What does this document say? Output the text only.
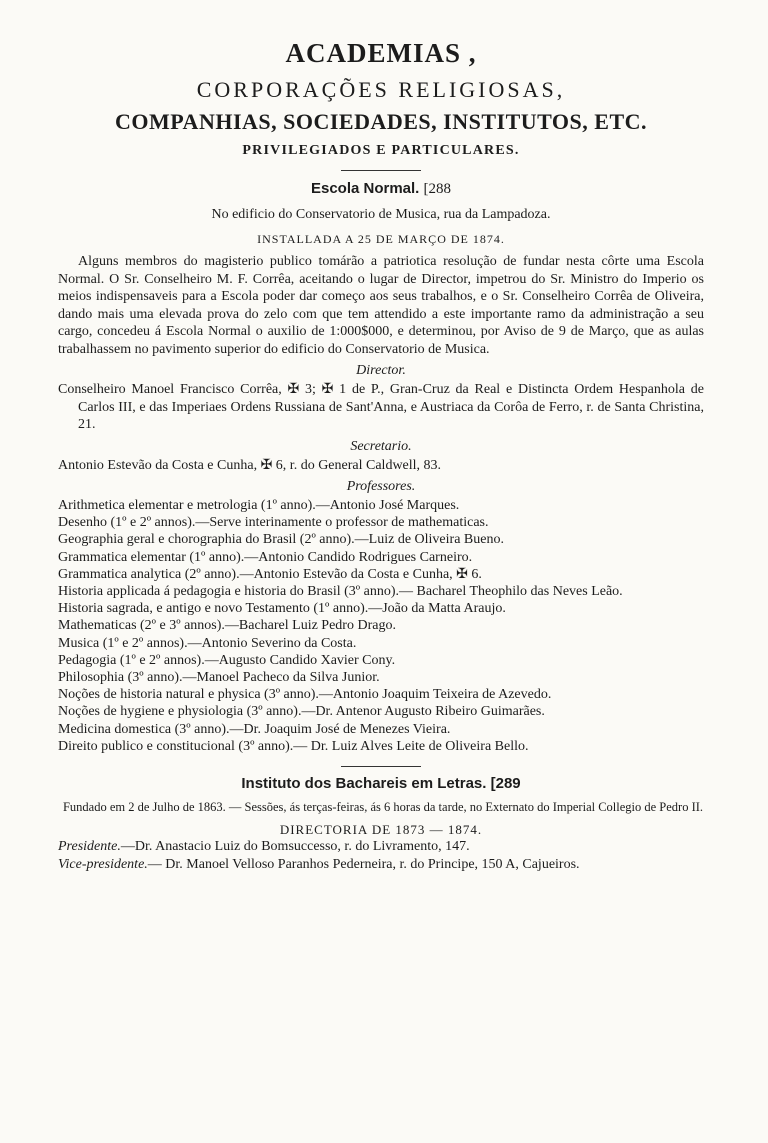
ACADEMIAS ,
CORPORAÇÕES RELIGIOSAS,
COMPANHIAS, SOCIEDADES, INSTITUTOS, ETC.
PRIVILEGIADOS E PARTICULARES.
Escola Normal. [288
No edificio do Conservatorio de Musica, rua da Lampadoza.
INSTALLADA A 25 DE MARÇO DE 1874.

Alguns membros do magisterio publico tomárão a patriotica resolução de fundar nesta côrte uma Escola Normal. O Sr. Conselheiro M. F. Corrêa, aceitando o lugar de Director, impetrou do Sr. Ministro do Imperio os meios indispensaveis para a Escola poder dar começo aos seus trabalhos, e o Sr. Conselheiro Corrêa de Oliveira, dando mais uma elevada prova do zelo com que tem attendido a este importante ramo da administração a seu cargo, concedeu á Escola Normal o auxilio de 1:000$000, e determinou, por Aviso de 9 de Março, que as aulas trabalhassem no pavimento superior do edificio do Conservatorio de Musica.

Director.
Conselheiro Manoel Francisco Corrêa, ✠ 3; ✠ 1 de P., Gran-Cruz da Real e Distincta Ordem Hespanhola de Carlos III, e das Imperiaes Ordens Russiana de Sant'Anna, e Austriaca da Corôa de Ferro, r. de Santa Christina, 21.
Secretario.
Antonio Estevão da Costa e Cunha, ✠ 6, r. do General Caldwell, 83.
Professores.
Arithmetica elementar e metrologia (1º anno).—Antonio José Marques.
Desenho (1º e 2º annos).—Serve interinamente o professor de mathematicas.
Geographia geral e chorographia do Brasil (2º anno).—Luiz de Oliveira Bueno.
Grammatica elementar (1º anno).—Antonio Candido Rodrigues Carneiro.
Grammatica analytica (2º anno).—Antonio Estevão da Costa e Cunha, ✠ 6.
Historia applicada á pedagogia e historia do Brasil (3º anno).— Bacharel Theophilo das Neves Leão.
Historia sagrada, e antigo e novo Testamento (1º anno).—João da Matta Araujo.
Mathematicas (2º e 3º annos).—Bacharel Luiz Pedro Drago.
Musica (1º e 2º annos).—Antonio Severino da Costa.
Pedagogia (1º e 2º annos).—Augusto Candido Xavier Cony.
Philosophia (3º anno).—Manoel Pacheco da Silva Junior.
Noções de historia natural e physica (3º anno).—Antonio Joaquim Teixeira de Azevedo.
Noções de hygiene e physiologia (3º anno).—Dr. Antenor Augusto Ribeiro Guimarães.
Medicina domestica (3º anno).—Dr. Joaquim José de Menezes Vieira.
Direito publico e constitucional (3º anno).— Dr. Luiz Alves Leite de Oliveira Bello.
Instituto dos Bachareis em Letras. [289
Fundado em 2 de Julho de 1863. — Sessões, ás terças-feiras, ás 6 horas da tarde, no Externato do Imperial Collegio de Pedro II.
DIRECTORIA DE 1873 — 1874.
Presidente.—Dr. Anastacio Luiz do Bomsuccesso, r. do Livramento, 147.
Vice-presidente.— Dr. Manoel Velloso Paranhos Pederneira, r. do Principe, 150 A, Cajueiros.
